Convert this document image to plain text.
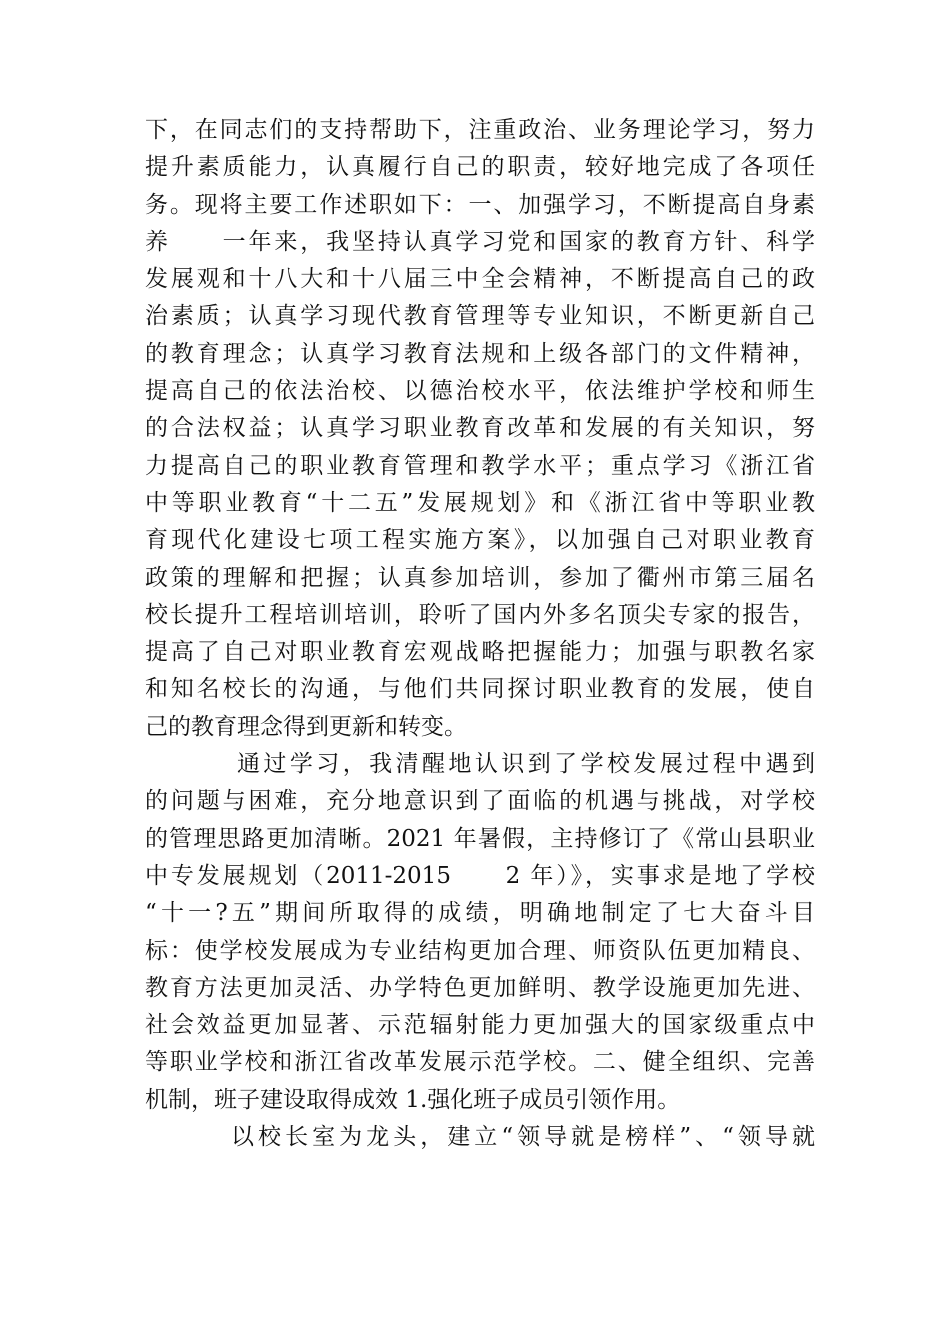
下，在同志们的支持帮助下，注重政治、业务理论学习，努力
提升素质能力，认真履行自己的职责，较好地完成了各项任
务。现将主要工作述职如下：一、加强学习，不断提高自身素
养　　一年来，我坚持认真学习党和国家的教育方针、科学
发展观和十八大和十八届三中全会精神，不断提高自己的政
治素质；认真学习现代教育管理等专业知识，不断更新自己
的教育理念；认真学习教育法规和上级各部门的文件精神，
提高自己的依法治校、以德治校水平，依法维护学校和师生
的合法权益；认真学习职业教育改革和发展的有关知识，努
力提高自己的职业教育管理和教学水平；重点学习《浙江省
中等职业教育“十二五”发展规划》和《浙江省中等职业教
育现代化建设七项工程实施方案》，以加强自己对职业教育
政策的理解和把握；认真参加培训，参加了衢州市第三届名
校长提升工程培训培训，聆听了国内外多名顶尖专家的报告，
提高了自己对职业教育宏观战略把握能力；加强与职教名家
和知名校长的沟通，与他们共同探讨职业教育的发展，使自
己的教育理念得到更新和转变。
通过学习，我清醒地认识到了学校发展过程中遇到
的问题与困难，充分地意识到了面临的机遇与挑战，对学校
的管理思路更加清晰。2021 年暑假，主持修订了《常山县职业
中专发展规划（2011-2015　　2 年）》，实事求是地了学校
“十一?五”期间所取得的成绩，明确地制定了七大奋斗目
标：使学校发展成为专业结构更加合理、师资队伍更加精良、
教育方法更加灵活、办学特色更加鲜明、教学设施更加先进、
社会效益更加显著、示范辐射能力更加强大的国家级重点中
等职业学校和浙江省改革发展示范学校。二、健全组织、完善
机制，班子建设取得成效 1.强化班子成员引领作用。
以校长室为龙头，建立“领导就是榜样”、“领导就
